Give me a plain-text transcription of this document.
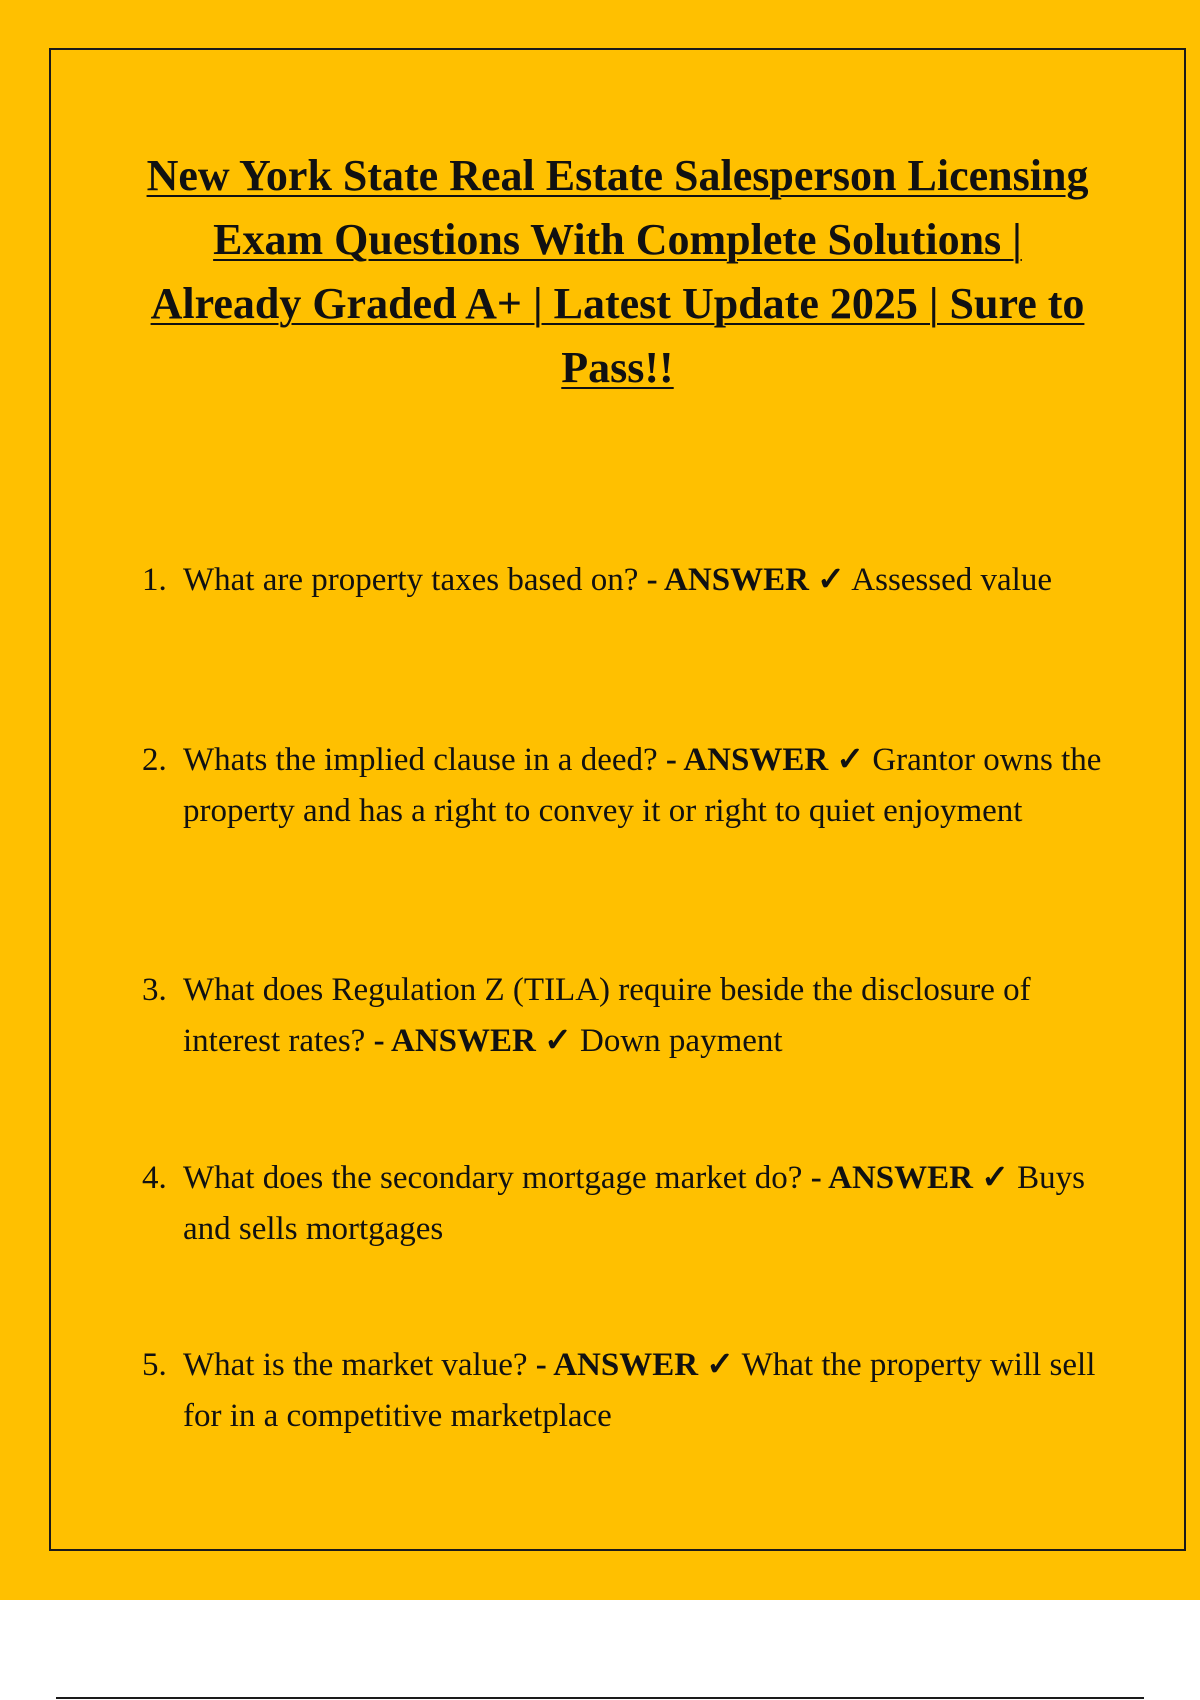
New York State Real Estate Salesperson Licensing Exam Questions With Complete Solutions | Already Graded A+ | Latest Update 2025 | Sure to Pass!!
1. What are property taxes based on? - ANSWER ✓ Assessed value
2. Whats the implied clause in a deed? - ANSWER ✓ Grantor owns the property and has a right to convey it or right to quiet enjoyment
3. What does Regulation Z (TILA) require beside the disclosure of interest rates? - ANSWER ✓ Down payment
4. What does the secondary mortgage market do? - ANSWER ✓ Buys and sells mortgages
5. What is the market value? - ANSWER ✓ What the property will sell for in a competitive marketplace
